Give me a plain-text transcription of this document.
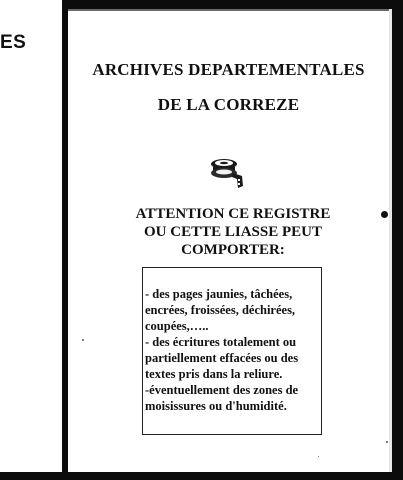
ES
ARCHIVES DEPARTEMENTALES
DE LA CORREZE
ATTENTION CE REGISTRE
OU CETTE LIASSE PEUT
COMPORTER:
- des pages jaunies, tâchées,
encrées, froissées, déchirées,
coupées,…..
- des écritures totalement ou
partiellement effacées ou des
textes pris dans la reliure.
-éventuellement des zones de
moisissures ou d'humidité.
